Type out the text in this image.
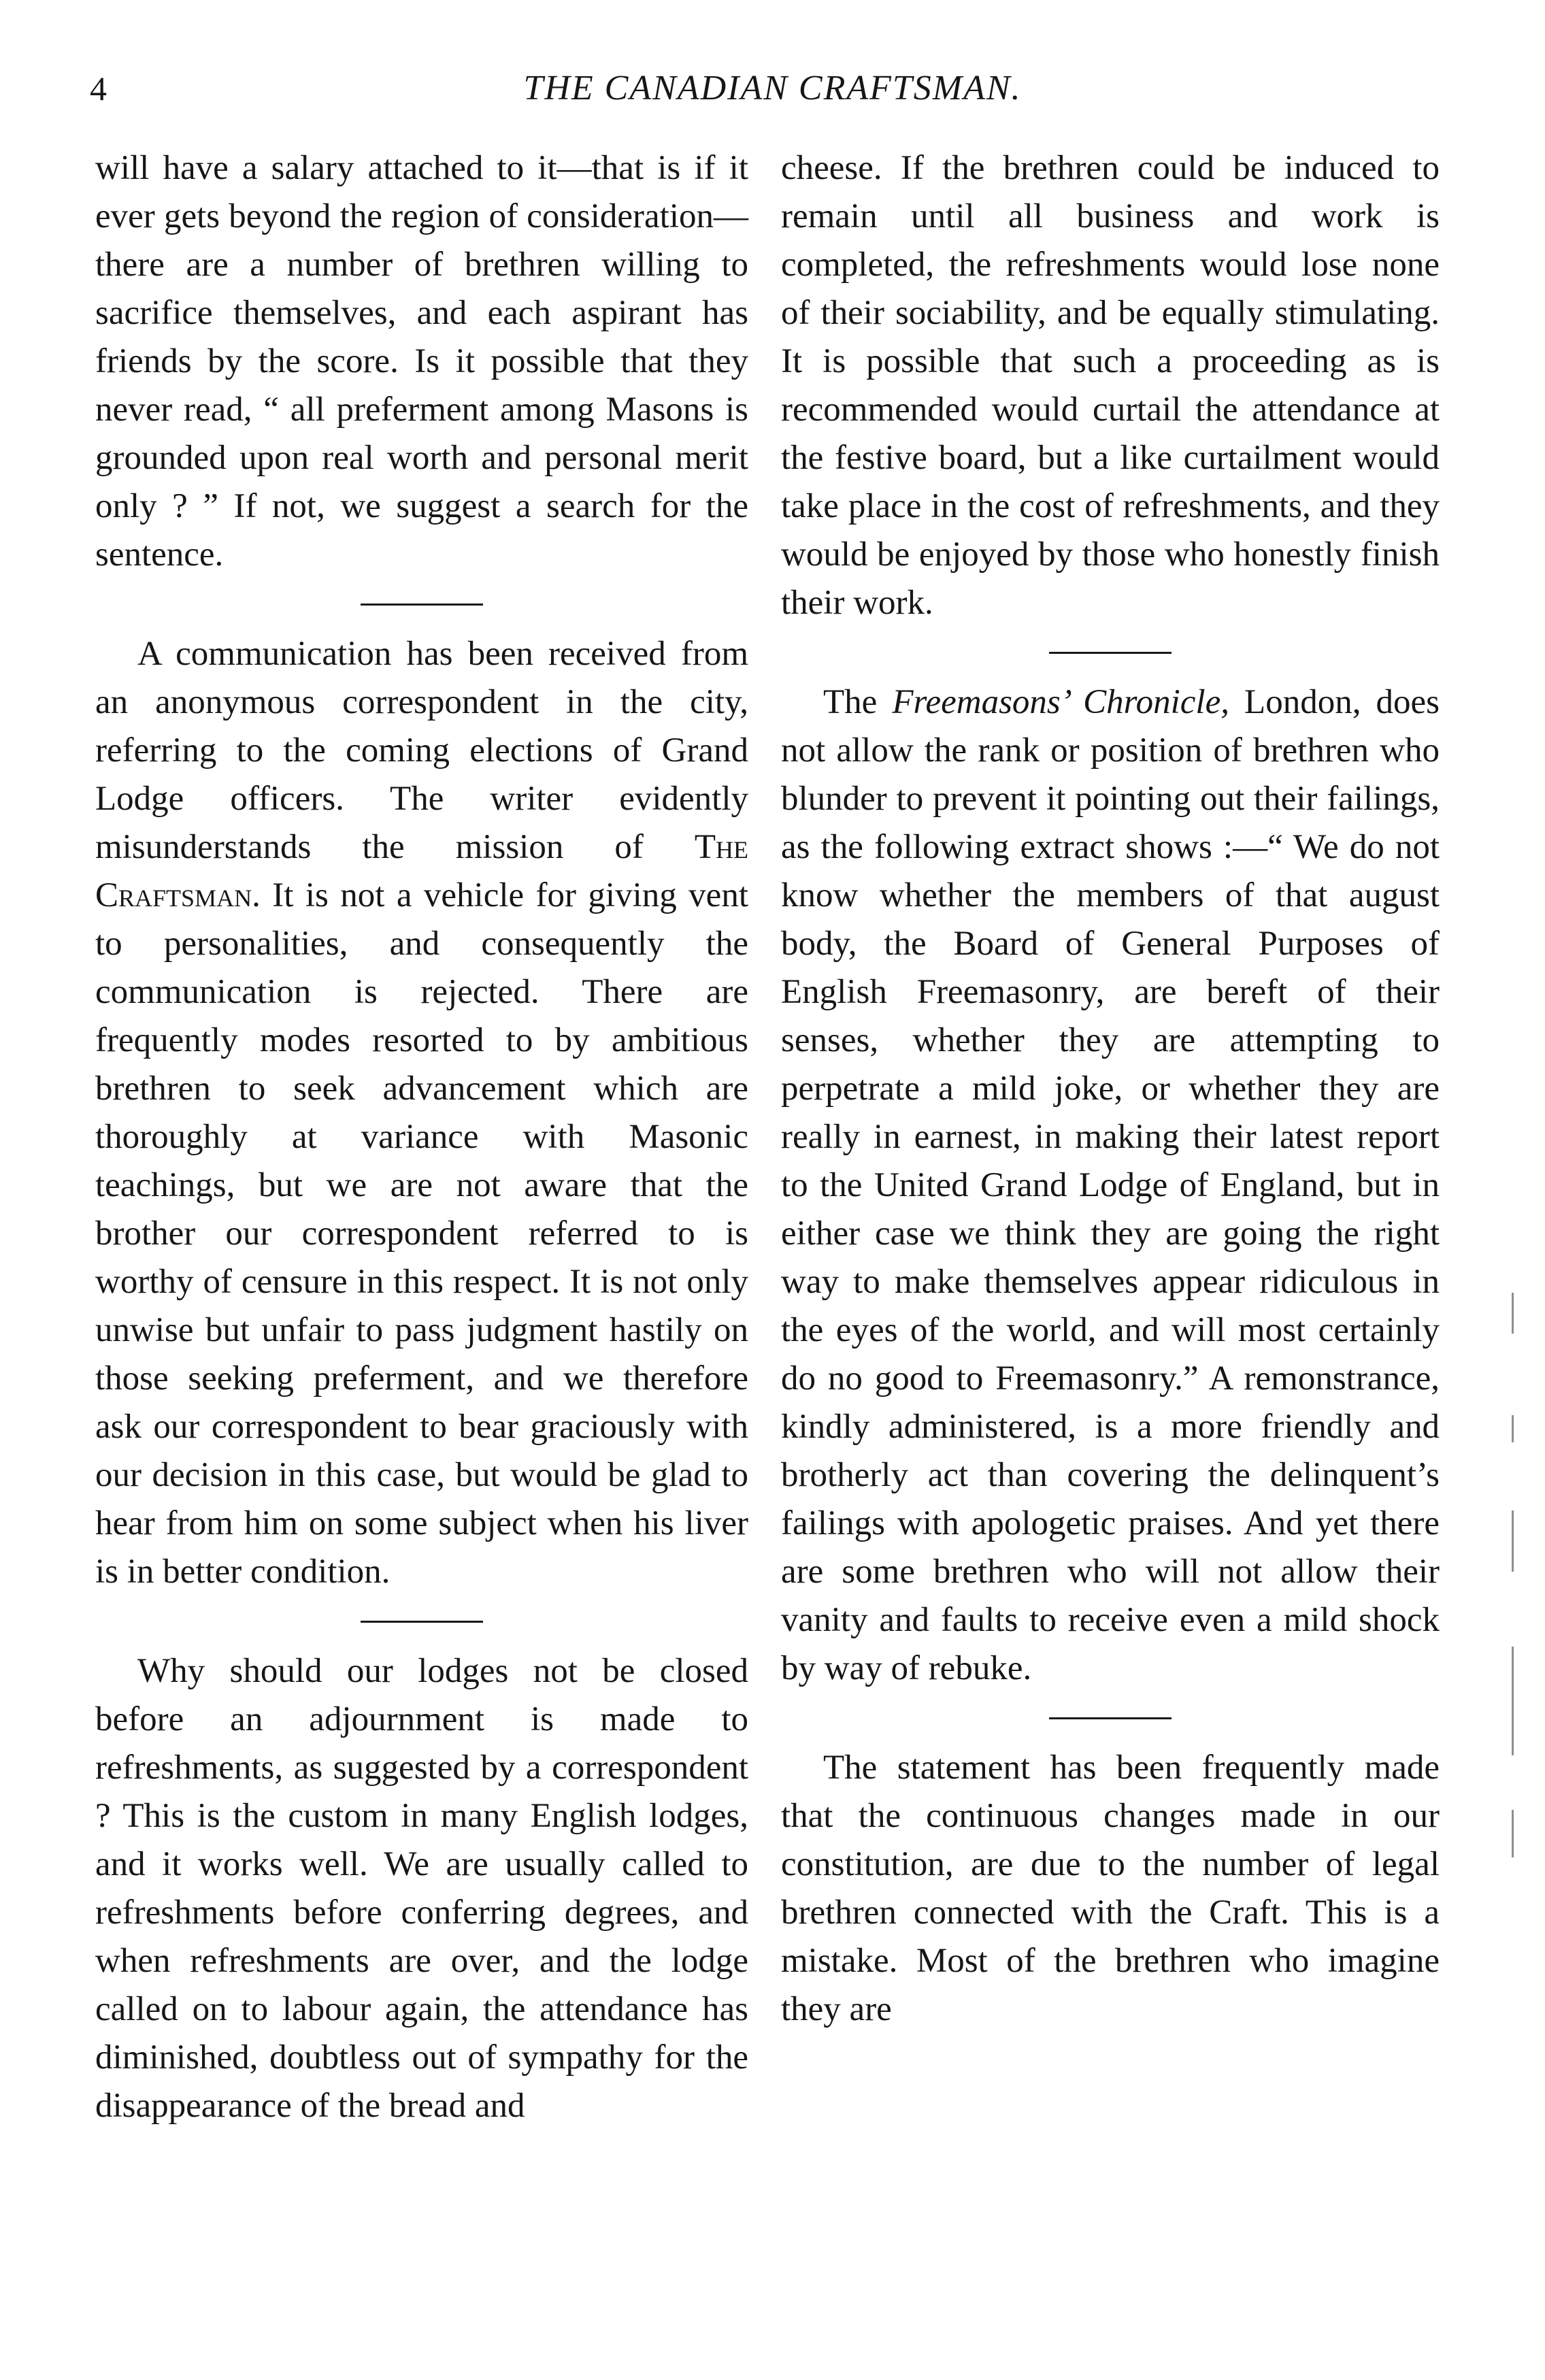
4	THE CANADIAN CRAFTSMAN.

will have a salary attached to it—that is if it ever gets beyond the region of consideration—there are a number of brethren willing to sacrifice themselves, and each aspirant has friends by the score. Is it possible that they never read, “ all preferment among Masons is grounded upon real worth and personal merit only ? ” If not, we suggest a search for the sentence.

A communication has been received from an anonymous correspondent in the city, referring to the coming elections of Grand Lodge officers. The writer evidently misunderstands the mission of The Craftsman. It is not a vehicle for giving vent to personalities, and consequently the communication is rejected. There are frequently modes resorted to by ambitious brethren to seek advancement which are thoroughly at variance with Masonic teachings, but we are not aware that the brother our correspondent referred to is worthy of censure in this respect. It is not only unwise but unfair to pass judgment hastily on those seeking preferment, and we therefore ask our correspondent to bear graciously with our decision in this case, but would be glad to hear from him on some subject when his liver is in better condition.

Why should our lodges not be closed before an adjournment is made to refreshments, as suggested by a correspondent ? This is the custom in many English lodges, and it works well. We are usually called to refreshments before conferring degrees, and when refreshments are over, and the lodge called on to labour again, the attendance has diminished, doubtless out of sympathy for the disappearance of the bread and

cheese. If the brethren could be induced to remain until all business and work is completed, the refreshments would lose none of their sociability, and be equally stimulating. It is possible that such a proceeding as is recommended would curtail the attendance at the festive board, but a like curtailment would take place in the cost of refreshments, and they would be enjoyed by those who honestly finish their work.

The Freemasons’ Chronicle, London, does not allow the rank or position of brethren who blunder to prevent it pointing out their failings, as the following extract shows :—“ We do not know whether the members of that august body, the Board of General Purposes of English Freemasonry, are bereft of their senses, whether they are attempting to perpetrate a mild joke, or whether they are really in earnest, in making their latest report to the United Grand Lodge of England, but in either case we think they are going the right way to make themselves appear ridiculous in the eyes of the world, and will most certainly do no good to Freemasonry.” A remonstrance, kindly administered, is a more friendly and brotherly act than covering the delinquent’s failings with apologetic praises. And yet there are some brethren who will not allow their vanity and faults to receive even a mild shock by way of rebuke.

The statement has been frequently made that the continuous changes made in our constitution, are due to the number of legal brethren connected with the Craft. This is a mistake. Most of the brethren who imagine they are
